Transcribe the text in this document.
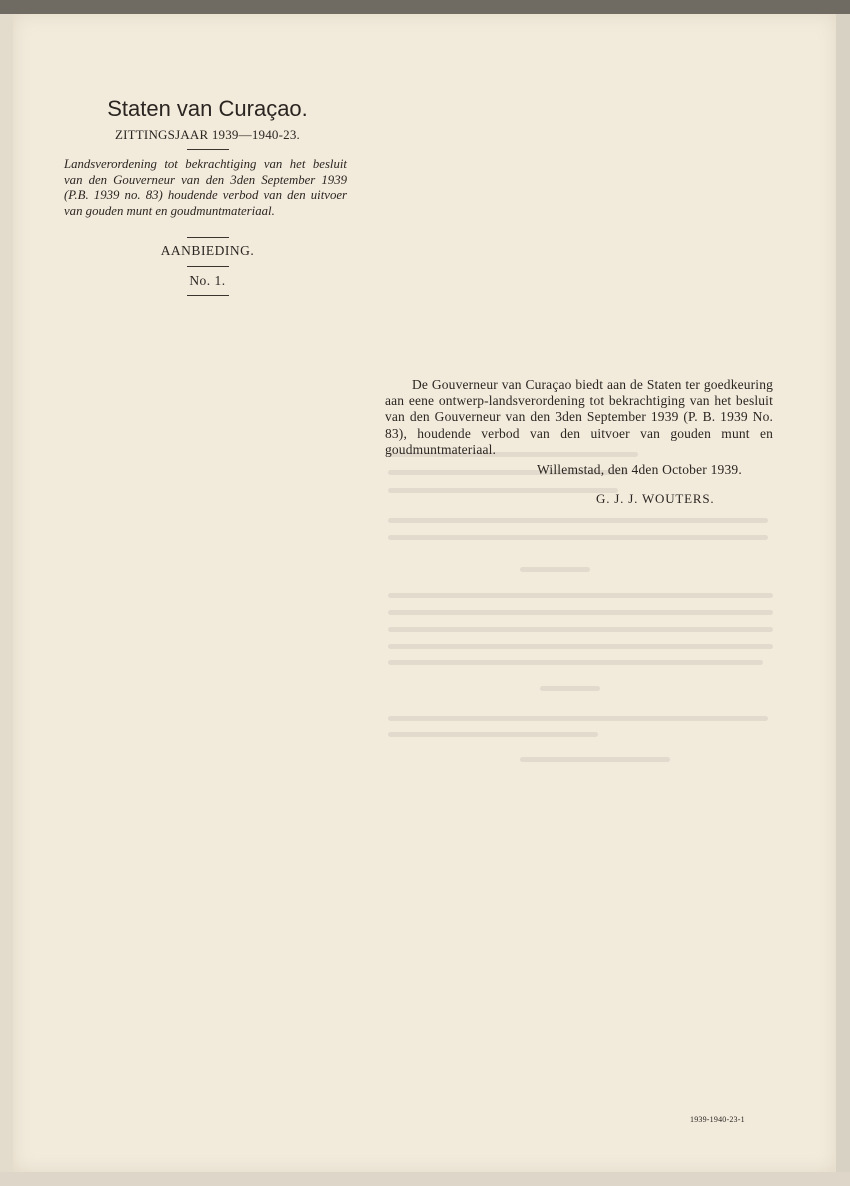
Staten van Curaçao.
ZITTINGSJAAR 1939—1940-23.
Landsverordening tot bekrachtiging van het besluit van den Gouverneur van den 3den September 1939 (P.B. 1939 no. 83) houdende verbod van den uitvoer van gouden munt en goudmuntmateriaal.
AANBIEDING.
No. 1.
De Gouverneur van Curaçao biedt aan de Staten ter goedkeuring aan eene ontwerp-landsverordening tot bekrachtiging van het besluit van den Gouverneur van den 3den September 1939 (P. B. 1939 No. 83), houdende verbod van den uitvoer van gouden munt en goudmuntmateriaal.
Willemstad, den 4den October 1939.
G. J. J. WOUTERS.
1939-1940-23-1
